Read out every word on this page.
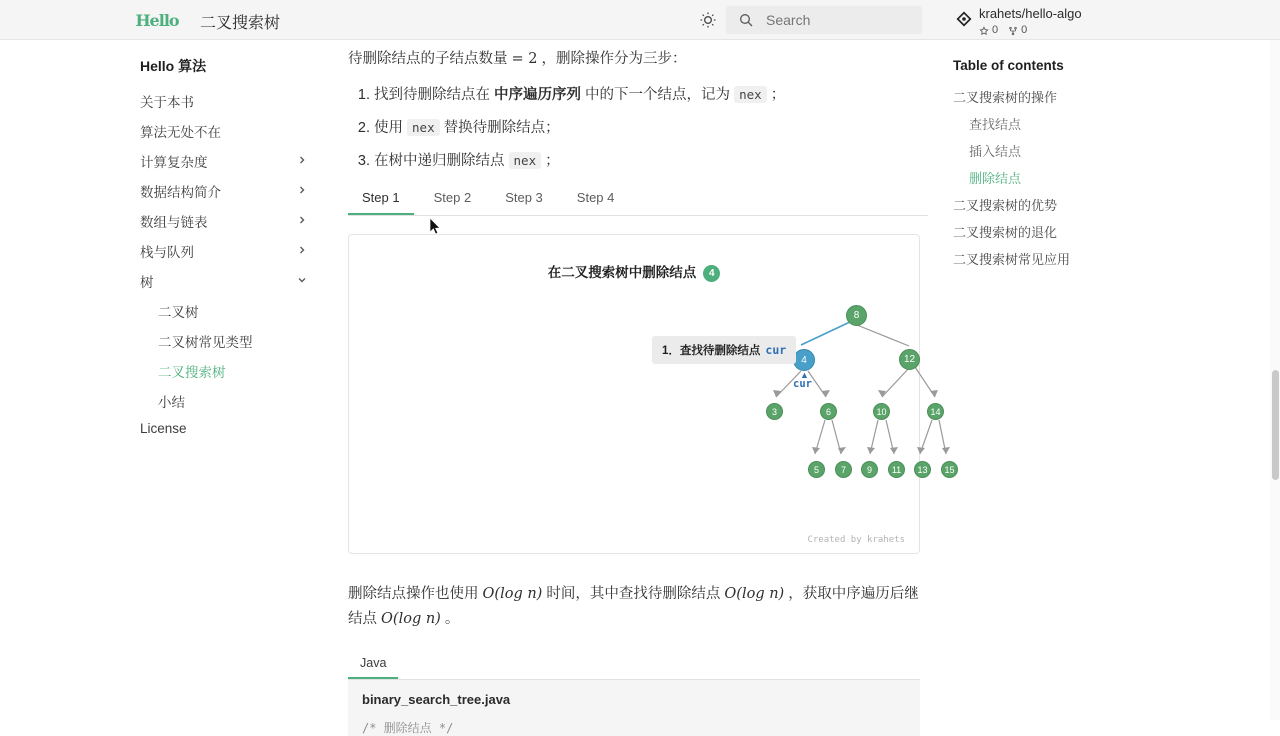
Hello 二叉搜索树
Search
krahets/hello-algo
0 0
Hello 算法
关于本书
算法无处不在
计算复杂度
数据结构简介
数组与链表
栈与队列
树
二叉树
二叉树常见类型
二叉搜索树
小结
License
待删除结点的子结点数量 = 2 ，删除操作分为三步：
1. 找到待删除结点在 中序遍历序列 中的下一个结点，记为 nex ；
2. 使用 nex 替换待删除结点；
3. 在树中递归删除结点 nex ；
Step 1	Step 2	Step 3	Step 4
在二叉搜索树中删除结点 4
8
4	12
3	6	10	14
5	7	9	11	13	15
▲
cur
1．查找待删除结点 cur
Created by krahets
删除结点操作也使用 O(log n) 时间，其中查找待删除结点 O(log n) ，获取中序遍历后继结点 O(log n) 。
Java
binary_search_tree.java
/* 删除结点 */
Table of contents
二叉搜索树的操作
查找结点
插入结点
删除结点
二叉搜索树的优势
二叉搜索树的退化
二叉搜索树常见应用
